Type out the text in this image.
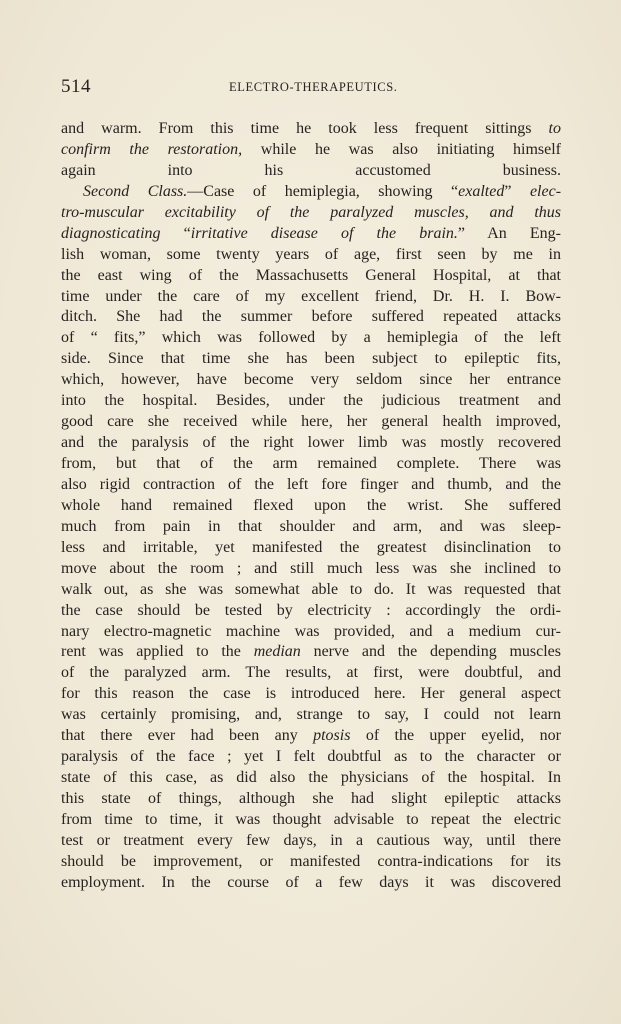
514	ELECTRO-THERAPEUTICS.
and warm. From this time he took less frequent sittings to
confirm the restoration, while he was also initiating himself
again into his accustomed business.
Second Class.—Case of hemiplegia, showing “exalted” elec-
tro-muscular excitability of the paralyzed muscles, and thus
diagnosticating “irritative disease of the brain.” An Eng-
lish woman, some twenty years of age, first seen by me in
the east wing of the Massachusetts General Hospital, at that
time under the care of my excellent friend, Dr. H. I. Bow-
ditch. She had the summer before suffered repeated attacks
of “ fits,” which was followed by a hemiplegia of the left
side. Since that time she has been subject to epileptic fits,
which, however, have become very seldom since her entrance
into the hospital. Besides, under the judicious treatment and
good care she received while here, her general health improved,
and the paralysis of the right lower limb was mostly recovered
from, but that of the arm remained complete. There was
also rigid contraction of the left fore finger and thumb, and the
whole hand remained flexed upon the wrist. She suffered
much from pain in that shoulder and arm, and was sleep-
less and irritable, yet manifested the greatest disinclination to
move about the room ; and still much less was she inclined to
walk out, as she was somewhat able to do. It was requested that
the case should be tested by electricity : accordingly the ordi-
nary electro-magnetic machine was provided, and a medium cur-
rent was applied to the median nerve and the depending muscles
of the paralyzed arm. The results, at first, were doubtful, and
for this reason the case is introduced here. Her general aspect
was certainly promising, and, strange to say, I could not learn
that there ever had been any ptosis of the upper eyelid, nor
paralysis of the face ; yet I felt doubtful as to the character or
state of this case, as did also the physicians of the hospital. In
this state of things, although she had slight epileptic attacks
from time to time, it was thought advisable to repeat the electric
test or treatment every few days, in a cautious way, until there
should be improvement, or manifested contra-indications for its
employment. In the course of a few days it was discovered
